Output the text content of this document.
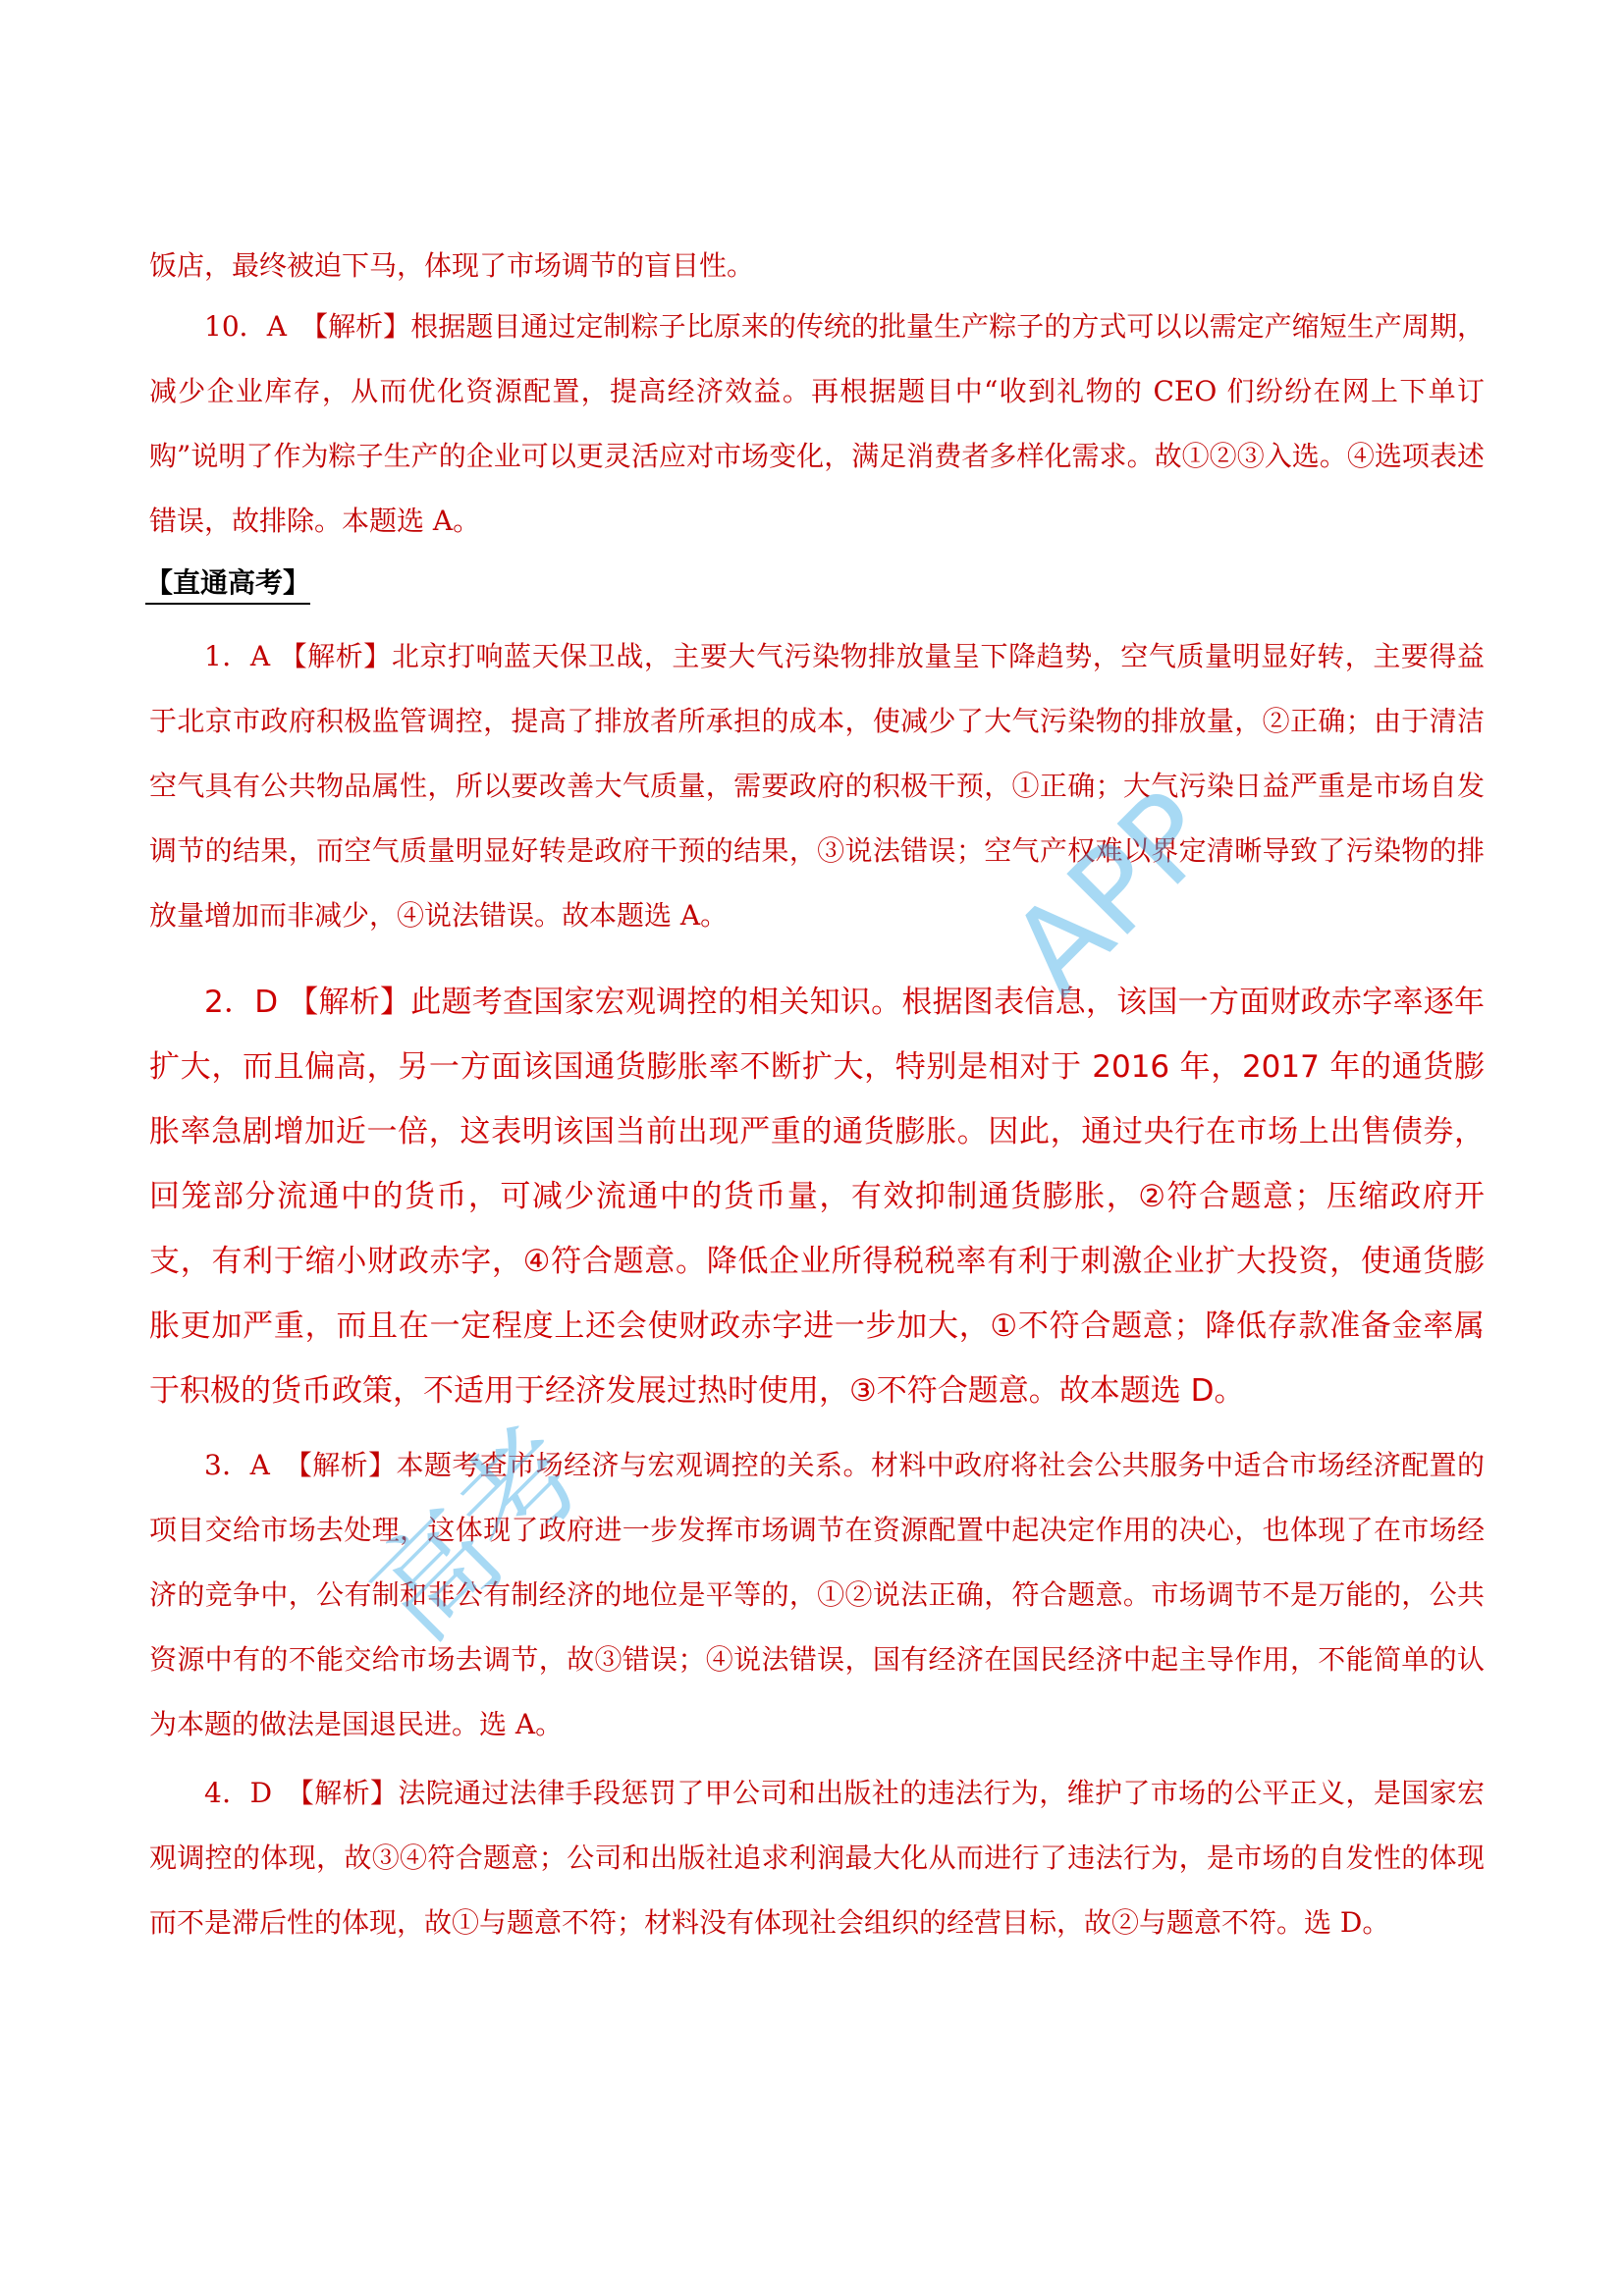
饭店，最终被迫下马，体现了市场调节的盲目性。
10．A　【解析】根据题目通过定制粽子比原来的传统的批量生产粽子的方式可以以需定产缩短生产周期，减少企业库存，从而优化资源配置，提高经济效益。再根据题目中“收到礼物的 CEO 们纷纷在网上下单订购”说明了作为粽子生产的企业可以更灵活应对市场变化，满足消费者多样化需求。故①②③入选。④选项表述错误，故排除。本题选 A。
【直通高考】
1．A 【解析】北京打响蓝天保卫战，主要大气污染物排放量呈下降趋势，空气质量明显好转，主要得益于北京市政府积极监管调控，提高了排放者所承担的成本，使减少了大气污染物的排放量，②正确；由于清洁空气具有公共物品属性，所以要改善大气质量，需要政府的积极干预，①正确；大气污染日益严重是市场自发调节的结果，而空气质量明显好转是政府干预的结果，③说法错误；空气产权难以界定清晰导致了污染物的排放量增加而非减少，④说法错误。故本题选 A。
2．D 【解析】此题考查国家宏观调控的相关知识。根据图表信息，该国一方面财政赤字率逐年扩大，而且偏高，另一方面该国通货膨胀率不断扩大，特别是相对于 2016 年，2017 年的通货膨胀率急剧增加近一倍，这表明该国当前出现严重的通货膨胀。因此，通过央行在市场上出售债券，回笼部分流通中的货币，可减少流通中的货币量，有效抑制通货膨胀，②符合题意；压缩政府开支，有利于缩小财政赤字，④符合题意。降低企业所得税税率有利于刺激企业扩大投资，使通货膨胀更加严重，而且在一定程度上还会使财政赤字进一步加大，①不符合题意；降低存款准备金率属于积极的货币政策，不适用于经济发展过热时使用，③不符合题意。故本题选 D。
3．A　【解析】本题考查市场经济与宏观调控的关系。材料中政府将社会公共服务中适合市场经济配置的项目交给市场去处理，这体现了政府进一步发挥市场调节在资源配置中起决定作用的决心，也体现了在市场经济的竞争中，公有制和非公有制经济的地位是平等的，①②说法正确，符合题意。市场调节不是万能的，公共资源中有的不能交给市场去调节，故③错误；④说法错误，国有经济在国民经济中起主导作用，不能简单的认为本题的做法是国退民进。选 A。
4．D　【解析】法院通过法律手段惩罚了甲公司和出版社的违法行为，维护了市场的公平正义，是国家宏观调控的体现，故③④符合题意；公司和出版社追求利润最大化从而进行了违法行为，是市场的自发性的体现而不是滞后性的体现，故①与题意不符；材料没有体现社会组织的经营目标，故②与题意不符。选 D。
APP
高考
